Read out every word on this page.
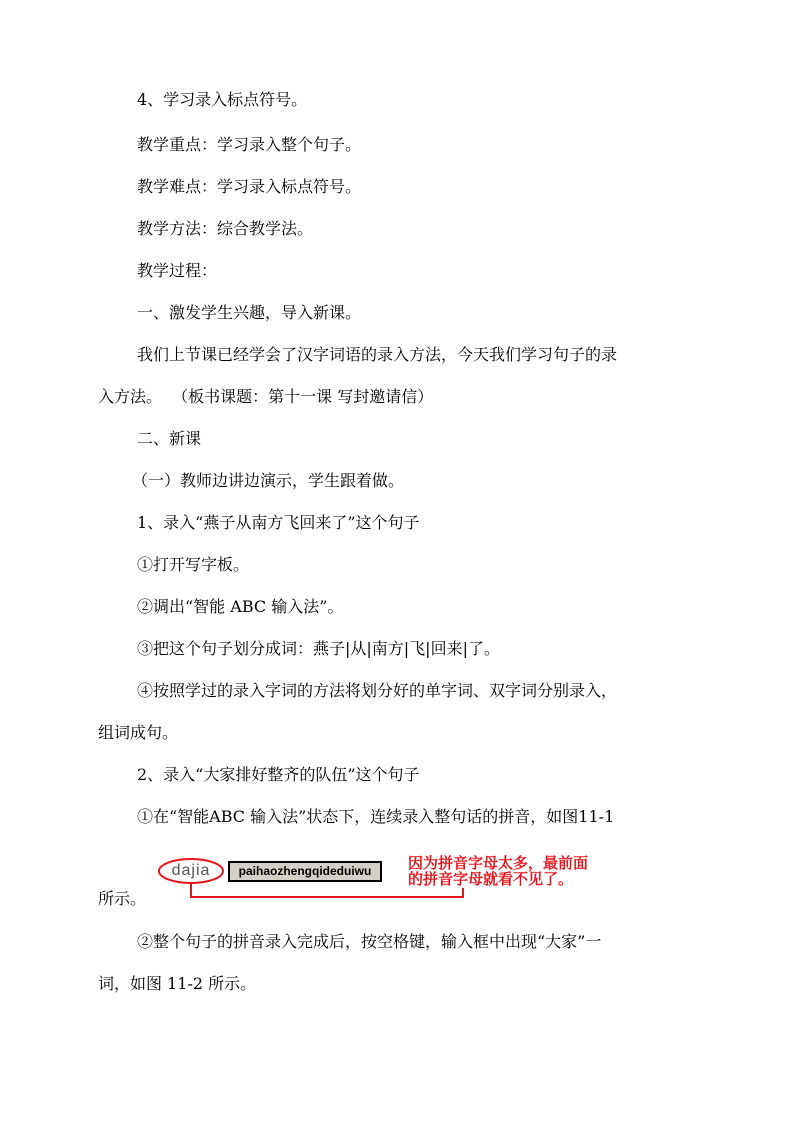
4、学习录入标点符号。
教学重点：学习录入整个句子。
教学难点：学习录入标点符号。
教学方法：综合教学法。
教学过程：
一、激发学生兴趣，导入新课。
我们上节课已经学会了汉字词语的录入方法，今天我们学习句子的录
入方法。  （板书课题：第十一课 写封邀请信）
二、新课
（一）教师边讲边演示，学生跟着做。
1、录入“燕子从南方飞回来了”这个句子
①打开写字板。
②调出“智能 ABC 输入法”。
③把这个句子划分成词：燕子|从|南方|飞|回来|了。
④按照学过的录入字词的方法将划分好的单字词、双字词分别录入，
组词成句。
2、录入“大家排好整齐的队伍”这个句子
①在“智能ABC 输入法”状态下，连续录入整句话的拼音，如图11-1
dajia	paihaozhengqideduiwu	因为拼音字母太多，最前面
的拼音字母就看不见了。
所示。
②整个句子的拼音录入完成后，按空格键，输入框中出现“大家”一
词，如图 11-2 所示。
